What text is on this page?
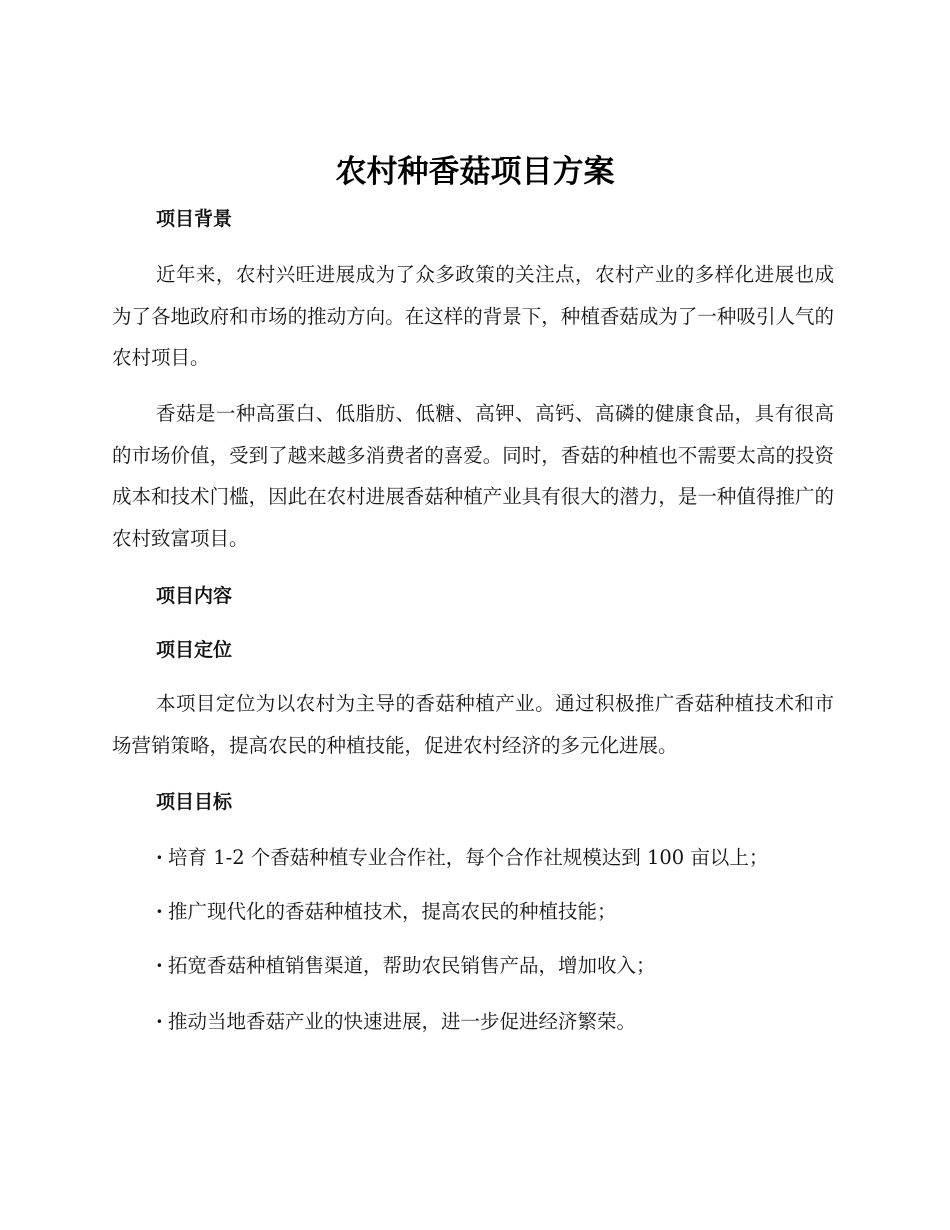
农村种香菇项目方案
项目背景

近年来，农村兴旺进展成为了众多政策的关注点，农村产业的多样化进展也成为了各地政府和市场的推动方向。在这样的背景下，种植香菇成为了一种吸引人气的农村项目。

香菇是一种高蛋白、低脂肪、低糖、高钾、高钙、高磷的健康食品，具有很高的市场价值，受到了越来越多消费者的喜爱。同时，香菇的种植也不需要太高的投资成本和技术门槛，因此在农村进展香菇种植产业具有很大的潜力，是一种值得推广的农村致富项目。

项目内容
项目定位

本项目定位为以农村为主导的香菇种植产业。通过积极推广香菇种植技术和市场营销策略，提高农民的种植技能，促进农村经济的多元化进展。

项目目标

· 培育 1-2 个香菇种植专业合作社，每个合作社规模达到 100 亩以上；

· 推广现代化的香菇种植技术，提高农民的种植技能；

· 拓宽香菇种植销售渠道，帮助农民销售产品，增加收入；

· 推动当地香菇产业的快速进展，进一步促进经济繁荣。
